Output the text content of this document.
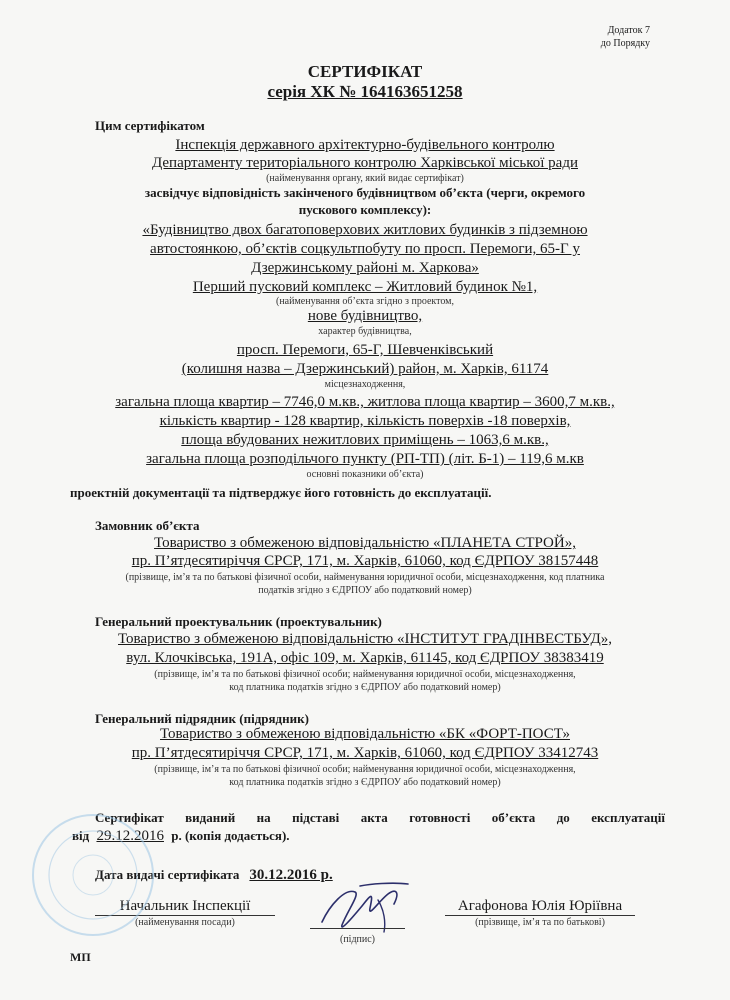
Додаток 7
до Порядку
СЕРТИФІКАТ
серія ХК № 164163651258
Цим сертифікатом
Інспекція державного архітектурно-будівельного контролю
Департаменту територіального контролю Харківської міської ради
(найменування органу, який видає сертифікат)
засвідчує відповідність закінченого будівництвом об’єкта (черги, окремого
пускового комплексу):
«Будівництво двох багатоповерхових житлових будинків з підземною
автостоянкою, об’єктів соцкультпобуту по просп. Перемоги, 65-Г у
Дзержинському районі м. Харкова»
Перший пусковий комплекс – Житловий будинок №1,
(найменування об’єкта згідно з проектом,
нове будівництво,
характер будівництва,
просп. Перемоги, 65-Г, Шевченківський
(колишня назва – Дзержинський) район, м. Харків, 61174
місцезнаходження,
загальна площа квартир – 7746,0 м.кв., житлова площа квартир – 3600,7 м.кв.,
кількість квартир - 128 квартир, кількість поверхів -18 поверхів,
площа вбудованих нежитлових приміщень – 1063,6 м.кв.,
загальна площа розподільчого пункту (РП-ТП) (літ. Б-1) – 119,6 м.кв
основні показники об’єкта)
проектній документації та підтверджує його готовність до експлуатації.
Замовник об’єкта
Товариство з обмеженою відповідальністю «ПЛАНЕТА СТРОЙ»,
пр. П’ятдесятиріччя СРСР, 171, м. Харків, 61060, код ЄДРПОУ 38157448
(прізвище, ім’я та по батькові фізичної особи, найменування юридичної особи, місцезнаходження, код платника
податків згідно з ЄДРПОУ або податковий номер)
Генеральний проектувальник (проектувальник)
Товариство з обмеженою відповідальністю «ІНСТИТУТ ГРАДІНВЕСТБУД»,
вул. Клочківська, 191А, офіс 109, м. Харків, 61145, код ЄДРПОУ 38383419
(прізвище, ім’я та по батькові фізичної особи; найменування юридичної особи, місцезнаходження,
код платника податків згідно з ЄДРПОУ або податковий номер)
Генеральний підрядник (підрядник)
Товариство з обмеженою відповідальністю «БК «ФОРТ-ПОСТ»
пр. П’ятдесятиріччя СРСР, 171, м. Харків, 61060, код ЄДРПОУ 33412743
(прізвище, ім’я та по батькові фізичної особи; найменування юридичної особи, місцезнаходження,
код платника податків згідно з ЄДРПОУ або податковий номер)
Сертифікат виданий на підставі акта готовності об’єкта до експлуатації
від 29.12.2016 р. (копія додається).
Дата видачі сертифіката 30.12.2016 р.
Начальник Інспекції
(найменування посади)
(підпис)
Агафонова Юлія Юріївна
(прізвище, ім’я та по батькові)
МП
